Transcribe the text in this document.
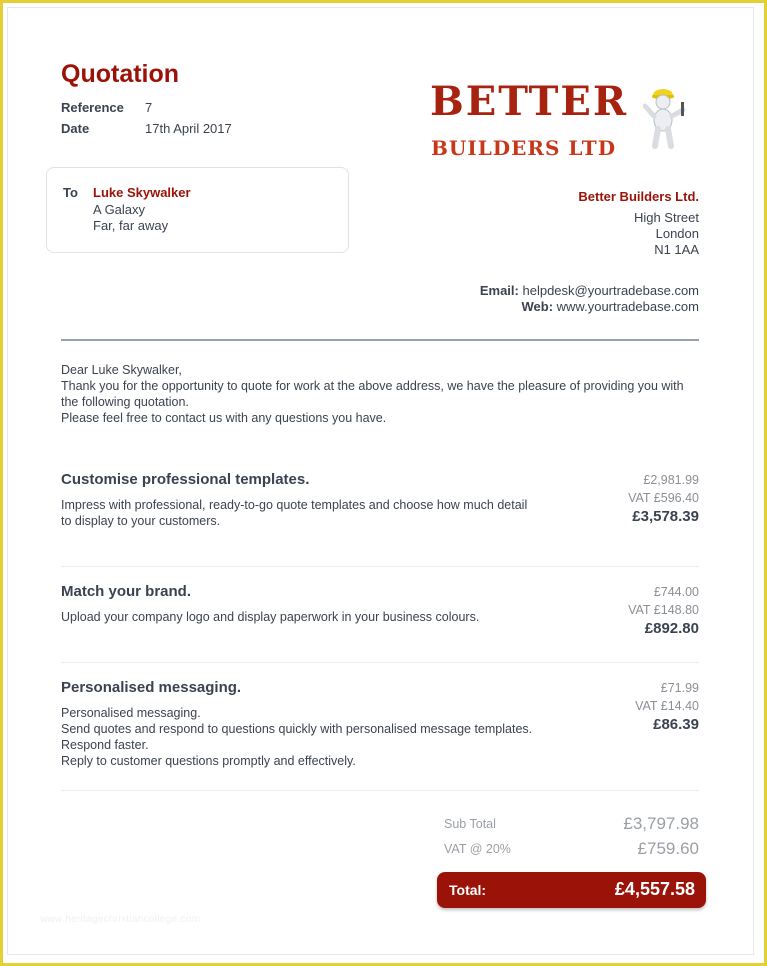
Quotation
Reference 7
Date	17th April 2017
BETTER
BUILDERS LTD
To Luke Skywalker
A Galaxy
Far, far away
Better Builders Ltd.
High Street
London
N1 1AA
Email: helpdesk@yourtradebase.com
Web: www.yourtradebase.com

Dear Luke Skywalker,

Thank you for the opportunity to quote for work at the above address, we have the pleasure of providing you with the following quotation.

Please feel free to contact us with any questions you have.

Customise professional templates.

Impress with professional, ready-to-go quote templates and choose how much detail to display to your customers.

£2,981.99
VAT £596.40
£3,578.39
Match your brand.

Upload your company logo and display paperwork in your business colours.

£744.00
VAT £148.80
£892.80
Personalised messaging.

Personalised messaging.

Send quotes and respond to questions quickly with personalised message templates.

Respond faster.

Reply to customer questions promptly and effectively.

£71.99
VAT £14.40
£86.39
Sub Total	£3,797.98
VAT @ 20%	£759.60
Total:	£4,557.58
www.heritagechristiancollege.com
